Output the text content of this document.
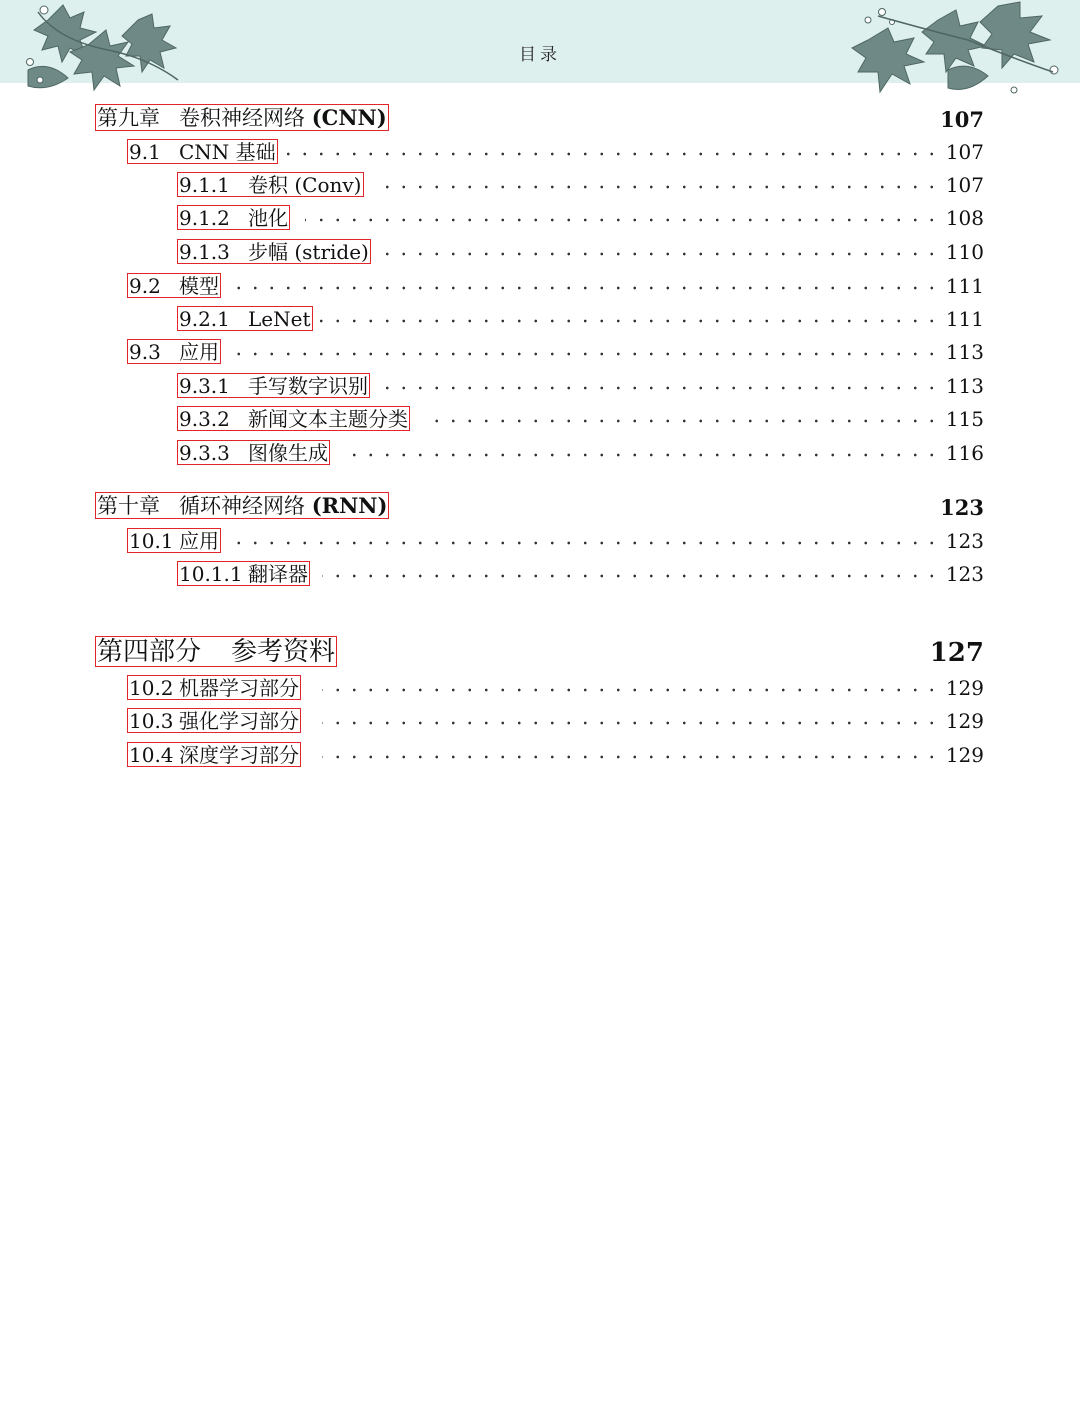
目录
第九章 卷积神经网络 (CNN)	107
9.1 CNN 基础	107
9.1.1 卷积 (Conv)	107
9.1.2 池化	108
9.1.3 步幅 (stride)	110
9.2 模型	111
9.2.1 LeNet	111
9.3 应用	113
9.3.1 手写数字识别	113
9.3.2 新闻文本主题分类	115
9.3.3 图像生成	116
第十章 循环神经网络 (RNN)	123
10.1 应用	123
10.1.1 翻译器	123
第四部分 参考资料	127
10.2 机器学习部分	129
10.3 强化学习部分	129
10.4 深度学习部分	129
